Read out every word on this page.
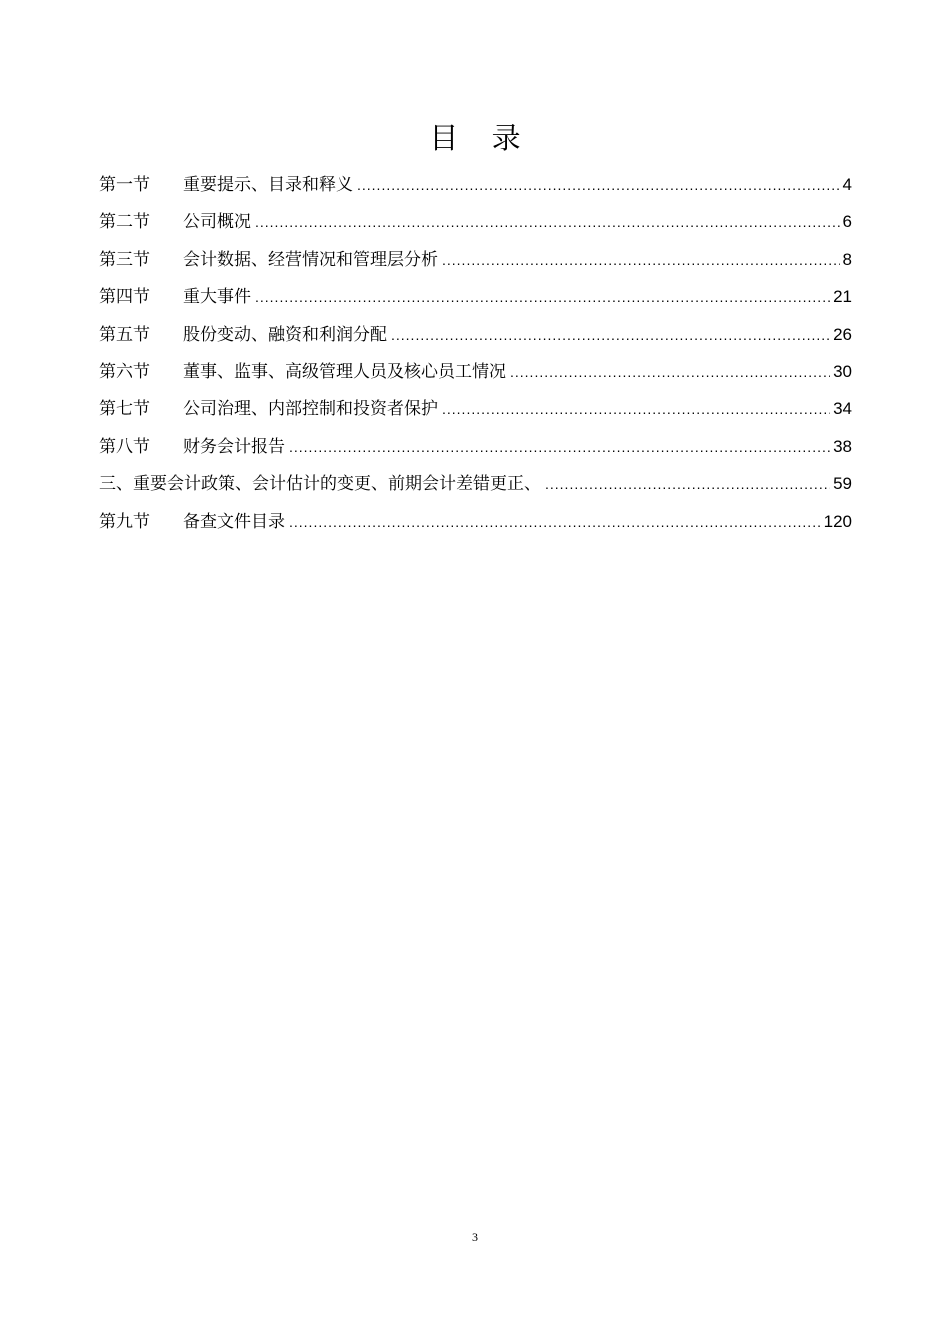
目 录
第一节	重要提示、目录和释义 .....	4
第二节	公司概况 .....	6
第三节	会计数据、经营情况和管理层分析 .....	8
第四节	重大事件 .....	21
第五节	股份变动、融资和利润分配 .....	26
第六节	董事、监事、高级管理人员及核心员工情况 .....	30
第七节	公司治理、内部控制和投资者保护 .....	34
第八节	财务会计报告 .....	38
三、重要会计政策、会计估计的变更、前期会计差错更正、 .....	59
第九节	备查文件目录 .....	120
3
